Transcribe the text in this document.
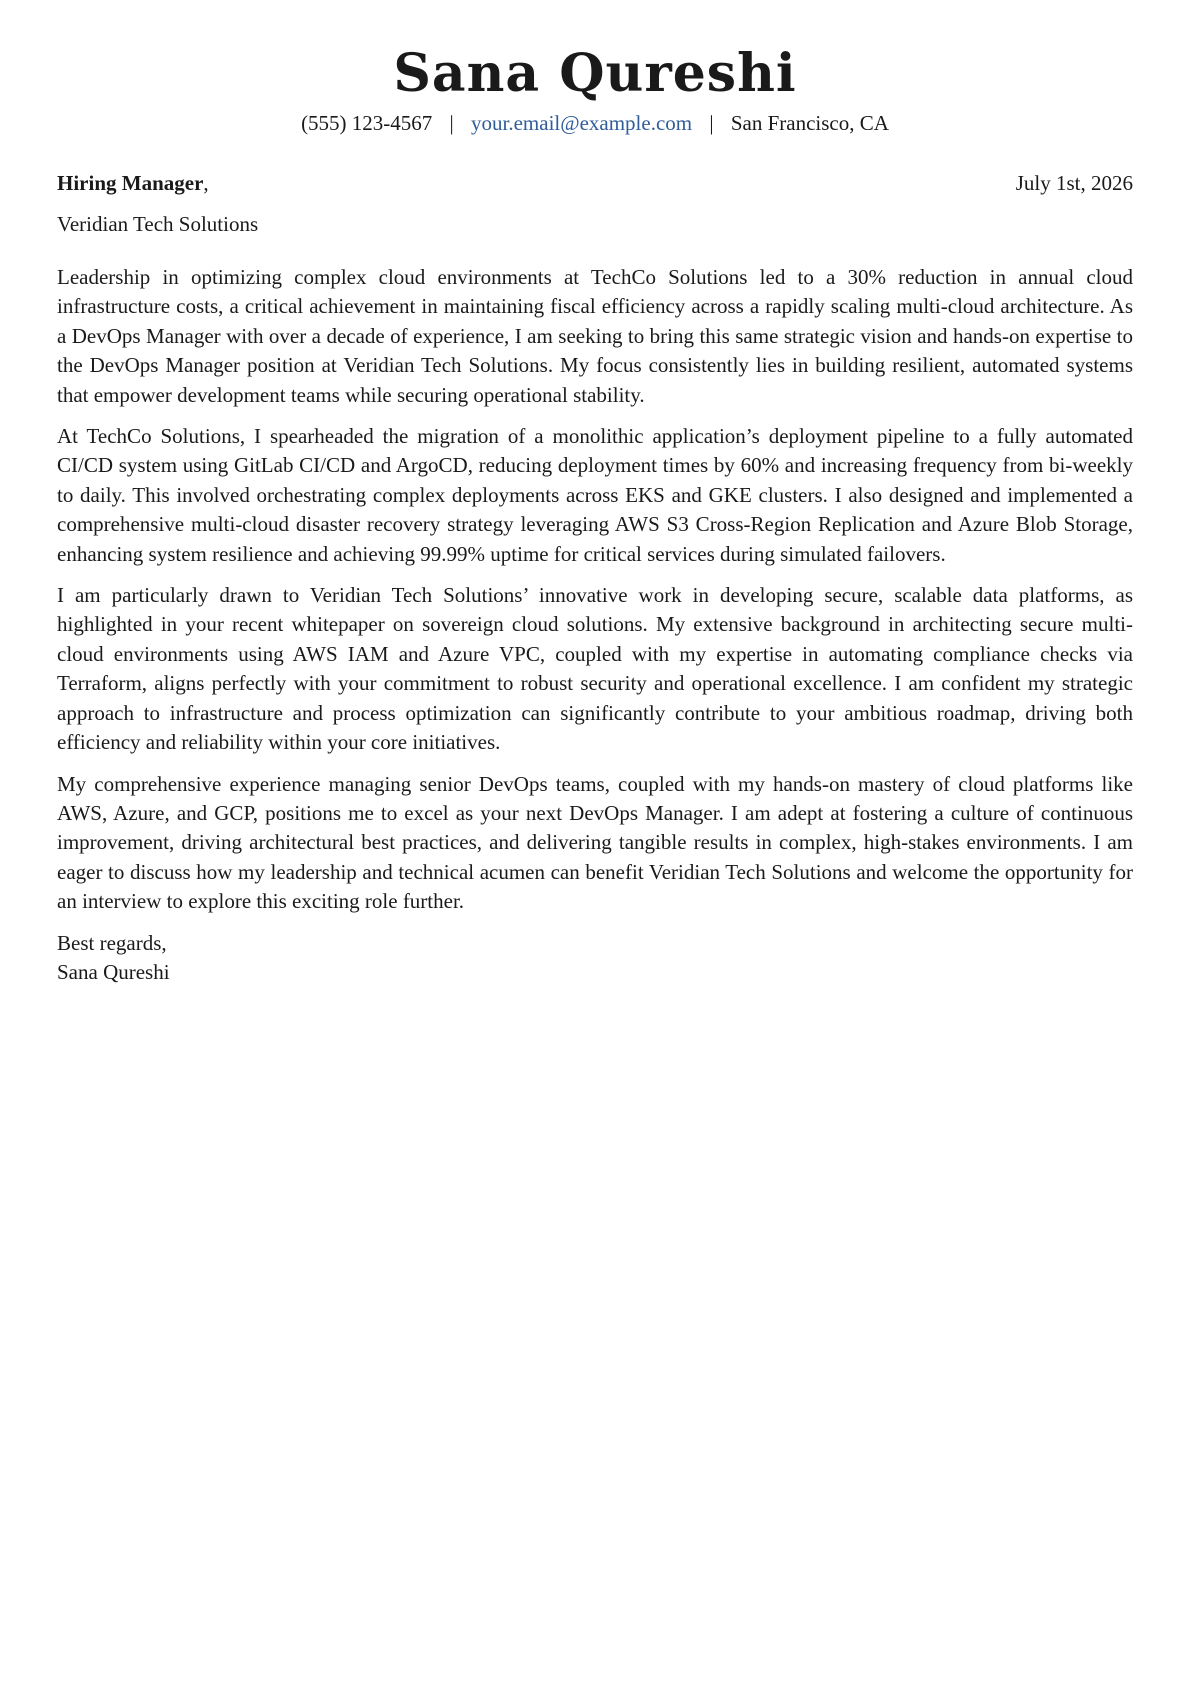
Sana Qureshi
(555) 123-4567 | your.email@example.com | San Francisco, CA
Hiring Manager,	July 1st, 2026
Veridian Tech Solutions

Leadership in optimizing complex cloud environments at TechCo Solutions led to a 30% reduction in annual cloud infrastructure costs, a critical achievement in maintaining fiscal efficiency across a rapidly scaling multi-cloud architecture. As a DevOps Manager with over a decade of experience, I am seeking to bring this same strategic vision and hands-on expertise to the DevOps Manager position at Veridian Tech Solutions. My focus consistently lies in building resilient, automated systems that empower development teams while securing operational stability.

At TechCo Solutions, I spearheaded the migration of a monolithic application’s deployment pipeline to a fully automated CI/CD system using GitLab CI/CD and ArgoCD, reducing deployment times by 60% and increasing frequency from bi-weekly to daily. This involved orchestrating complex deployments across EKS and GKE clusters. I also designed and implemented a comprehensive multi-cloud disaster recovery strategy leveraging AWS S3 Cross-Region Replication and Azure Blob Storage, enhancing system resilience and achieving 99.99% uptime for critical services during simulated failovers.

I am particularly drawn to Veridian Tech Solutions’ innovative work in developing secure, scalable data platforms, as highlighted in your recent whitepaper on sovereign cloud solutions. My extensive background in architecting secure multi-cloud environments using AWS IAM and Azure VPC, coupled with my expertise in automating compliance checks via Terraform, aligns perfectly with your commitment to robust security and operational excellence. I am confident my strategic approach to infrastructure and process optimization can significantly contribute to your ambitious roadmap, driving both efficiency and reliability within your core initiatives.

My comprehensive experience managing senior DevOps teams, coupled with my hands-on mastery of cloud platforms like AWS, Azure, and GCP, positions me to excel as your next DevOps Manager. I am adept at fostering a culture of continuous improvement, driving architectural best practices, and delivering tangible results in complex, high-stakes environments. I am eager to discuss how my leadership and technical acumen can benefit Veridian Tech Solutions and welcome the opportunity for an interview to explore this exciting role further.

Best regards,
Sana Qureshi
